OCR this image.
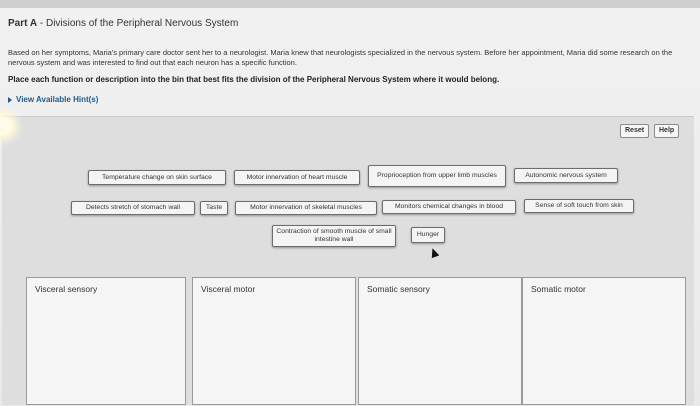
Part A - Divisions of the Peripheral Nervous System
Based on her symptoms, Maria's primary care doctor sent her to a neurologist. Maria knew that neurologists specialized in the nervous system. Before her appointment, Maria did some research on the nervous system and was interested to find out that each neuron has a specific function.
Place each function or description into the bin that best fits the division of the Peripheral Nervous System where it would belong.
View Available Hint(s)
Reset	Help
Temperature change on skin surface	Motor innervation of heart muscle	Proprioception from upper limb muscles	Autonomic nervous system
Detects stretch of stomach wall	Taste	Motor innervation of skeletal muscles	Monitors chemical changes in blood	Sense of soft touch from skin
Contraction of smooth muscle of small intestine wall
Hunger
Visceral sensory	Visceral motor	Somatic sensory	Somatic motor
